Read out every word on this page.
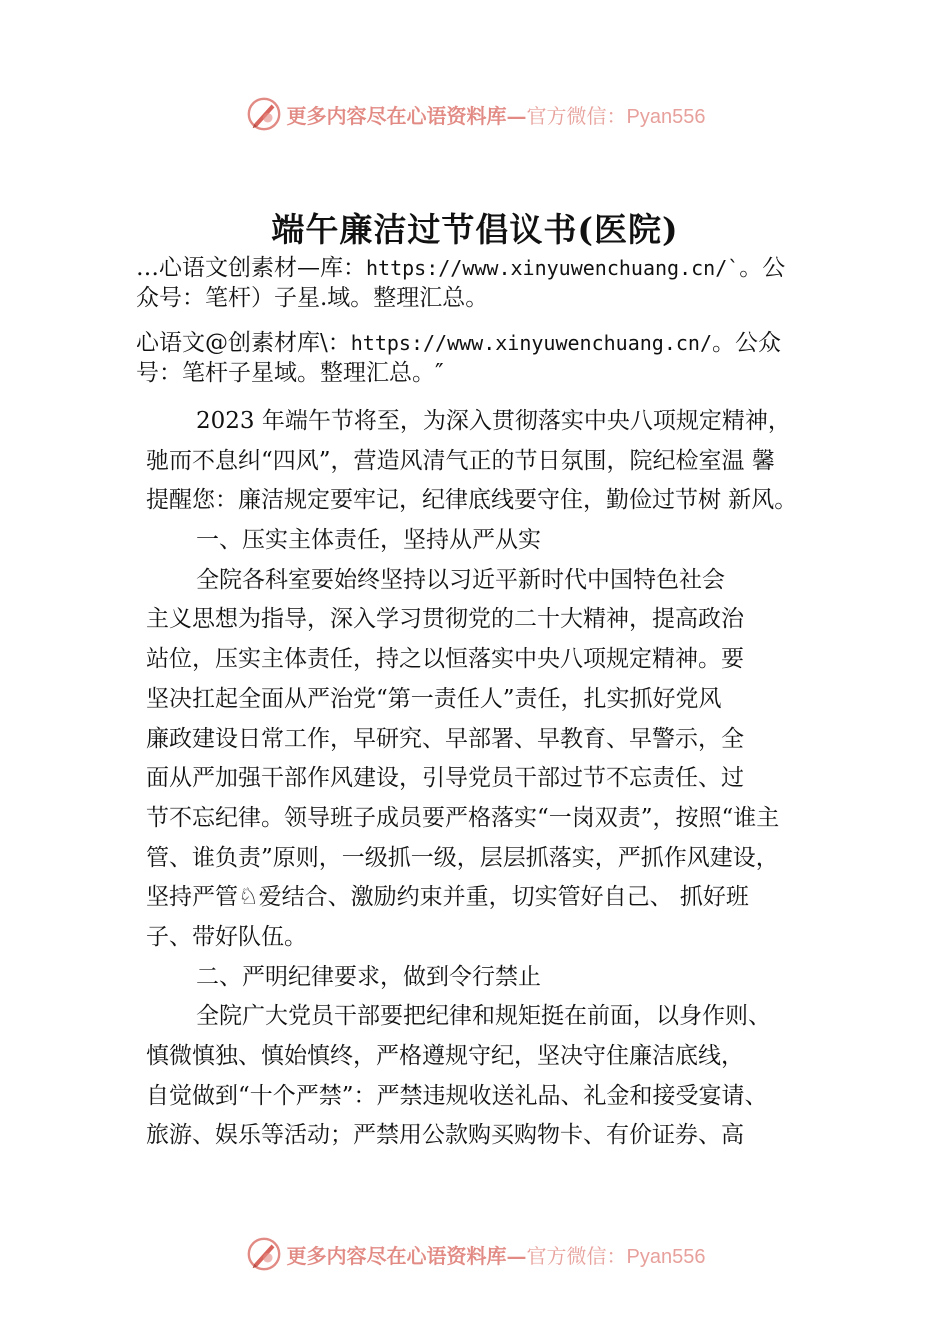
更多内容尽在心语资料库—官方微信：Pyan556
端午廉洁过节倡议书(医院)
…心语文创素材—库：https://www.xinyuwenchuang.cn/`。公
众号：笔杆）子星.域。整理汇总。
心语文@创素材库\：https://www.xinyuwenchuang.cn/。公众
号：笔杆子星域。整理汇总。″
2023 年端午节将至，为深入贯彻落实中央八项规定精神，
驰而不息纠“四风”，营造风清气正的节日氛围，院纪检室温 馨
提醒您：廉洁规定要牢记，纪律底线要守住，勤俭过节树 新风。
一、压实主体责任，坚持从严从实
全院各科室要始终坚持以习近平新时代中国特色社会
主义思想为指导，深入学习贯彻党的二十大精神，提高政治
站位，压实主体责任，持之以恒落实中央八项规定精神。要
坚决扛起全面从严治党“第一责任人”责任，扎实抓好党风
廉政建设日常工作，早研究、早部署、早教育、早警示，全
面从严加强干部作风建设，引导党员干部过节不忘责任、过
节不忘纪律。领导班子成员要严格落实“一岗双责”，按照“谁主
管、谁负责”原则，一级抓一级，层层抓落实，严抓作风建设，
坚持严管♘爱结合、激励约束并重，切实管好自己、 抓好班
子、带好队伍。
二、严明纪律要求，做到令行禁止
全院广大党员干部要把纪律和规矩挺在前面，以身作则、
慎微慎独、慎始慎终，严格遵规守纪，坚决守住廉洁底线，
自觉做到“十个严禁”：严禁违规收送礼品、礼金和接受宴请、
旅游、娱乐等活动；严禁用公款购买购物卡、有价证券、高
更多内容尽在心语资料库—官方微信：Pyan556
